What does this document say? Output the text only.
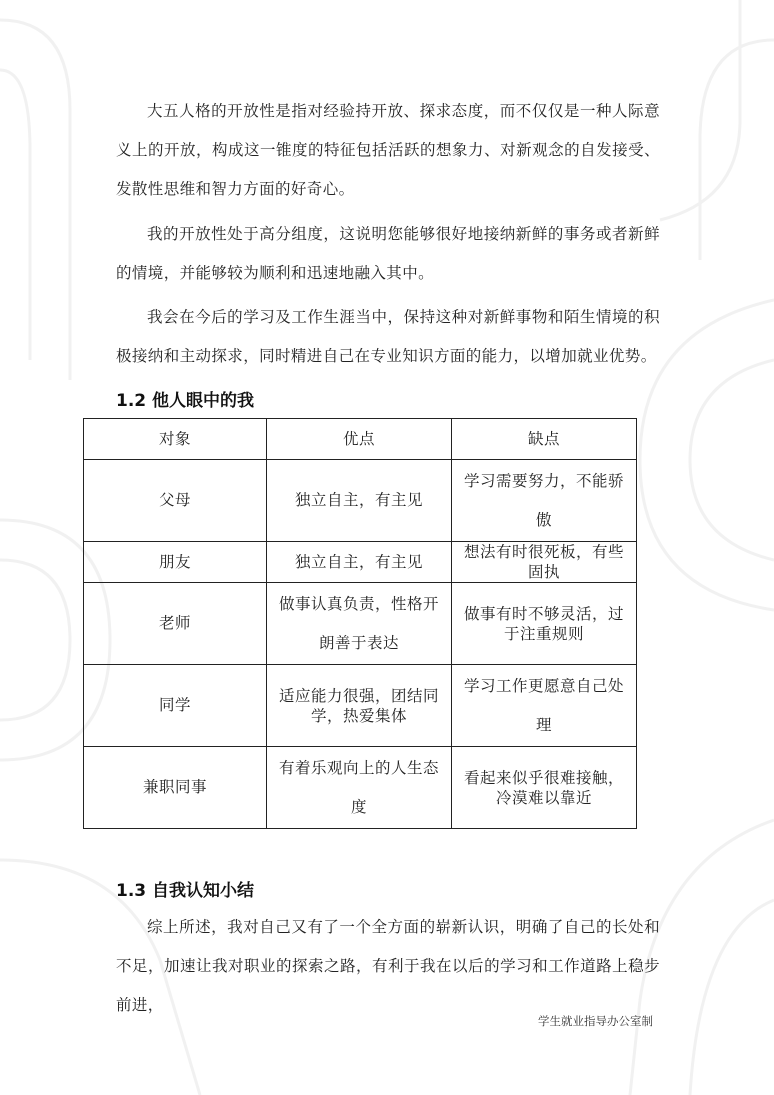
大五人格的开放性是指对经验持开放、探求态度，而不仅仅是一种人际意义上的开放，构成这一锥度的特征包括活跃的想象力、对新观念的自发接受、发散性思维和智力方面的好奇心。

我的开放性处于高分组度，这说明您能够很好地接纳新鲜的事务或者新鲜的情境，并能够较为顺利和迅速地融入其中。

我会在今后的学习及工作生涯当中，保持这种对新鲜事物和陌生情境的积极接纳和主动探求，同时精进自己在专业知识方面的能力，以增加就业优势。

1.2 他人眼中的我
对象	优点	缺点
父母	独立自主，有主见	学习需要努力，不能骄傲
朋友	独立自主，有主见	想法有时很死板，有些固执
老师	做事认真负责，性格开朗善于表达	做事有时不够灵活，过于注重规则
同学	适应能力很强，团结同学，热爱集体	学习工作更愿意自己处理
兼职同事	有着乐观向上的人生态度	看起来似乎很难接触，冷漠难以靠近
1.3 自我认知小结

综上所述，我对自己又有了一个全方面的崭新认识，明确了自己的长处和不足，加速让我对职业的探索之路，有利于我在以后的学习和工作道路上稳步前进，

学生就业指导办公室制
